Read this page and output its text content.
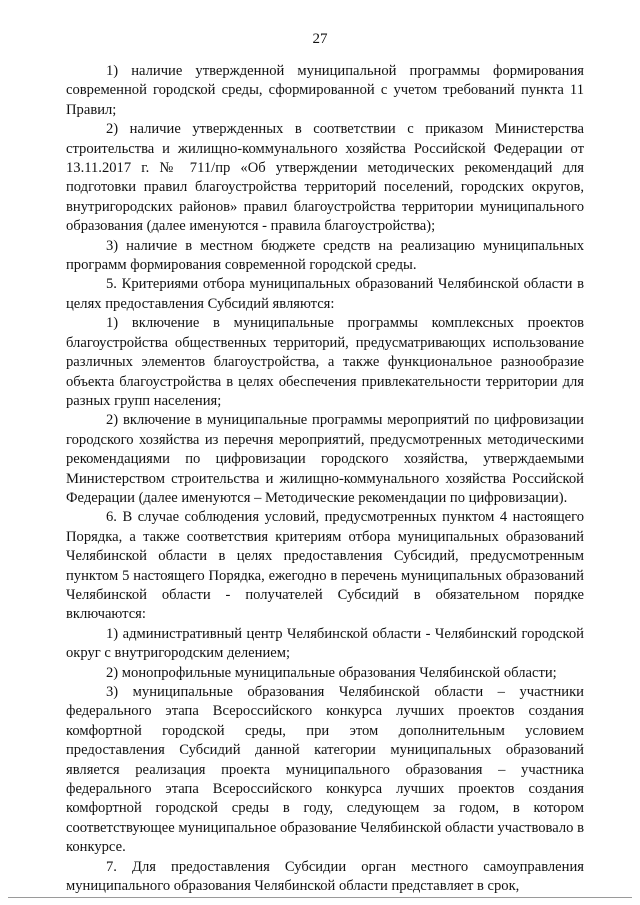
27

1) наличие утвержденной муниципальной программы формирования современной городской среды, сформированной с учетом требований пункта 11 Правил;

2) наличие утвержденных в соответствии с приказом Министерства строительства и жилищно-коммунального хозяйства Российской Федерации от 13.11.2017 г. № 711/пр «Об утверждении методических рекомендаций для подготовки правил благоустройства территорий поселений, городских округов, внутригородских районов» правил благоустройства территории муниципального образования (далее именуются - правила благоустройства);

3) наличие в местном бюджете средств на реализацию муниципальных программ формирования современной городской среды.

5. Критериями отбора муниципальных образований Челябинской области в целях предоставления Субсидий являются:

1) включение в муниципальные программы комплексных проектов благоустройства общественных территорий, предусматривающих использование различных элементов благоустройства, а также функциональное разнообразие объекта благоустройства в целях обеспечения привлекательности территории для разных групп населения;

2) включение в муниципальные программы мероприятий по цифровизации городского хозяйства из перечня мероприятий, предусмотренных методическими рекомендациями по цифровизации городского хозяйства, утверждаемыми Министерством строительства и жилищно-коммунального хозяйства Российской Федерации (далее именуются – Методические рекомендации по цифровизации).

6. В случае соблюдения условий, предусмотренных пунктом 4 настоящего Порядка, а также соответствия критериям отбора муниципальных образований Челябинской области в целях предоставления Субсидий, предусмотренным пунктом 5 настоящего Порядка, ежегодно в перечень муниципальных образований Челябинской области - получателей Субсидий в обязательном порядке включаются:

1) административный центр Челябинской области - Челябинский городской округ с внутригородским делением;

2) монопрофильные муниципальные образования Челябинской области;

3) муниципальные образования Челябинской области – участники федерального этапа Всероссийского конкурса лучших проектов создания комфортной городской среды, при этом дополнительным условием предоставления Субсидий данной категории муниципальных образований является реализация проекта муниципального образования – участника федерального этапа Всероссийского конкурса лучших проектов создания комфортной городской среды в году, следующем за годом, в котором соответствующее муниципальное образование Челябинской области участвовало в конкурсе.

7. Для предоставления Субсидии орган местного самоуправления муниципального образования Челябинской области представляет в срок,
